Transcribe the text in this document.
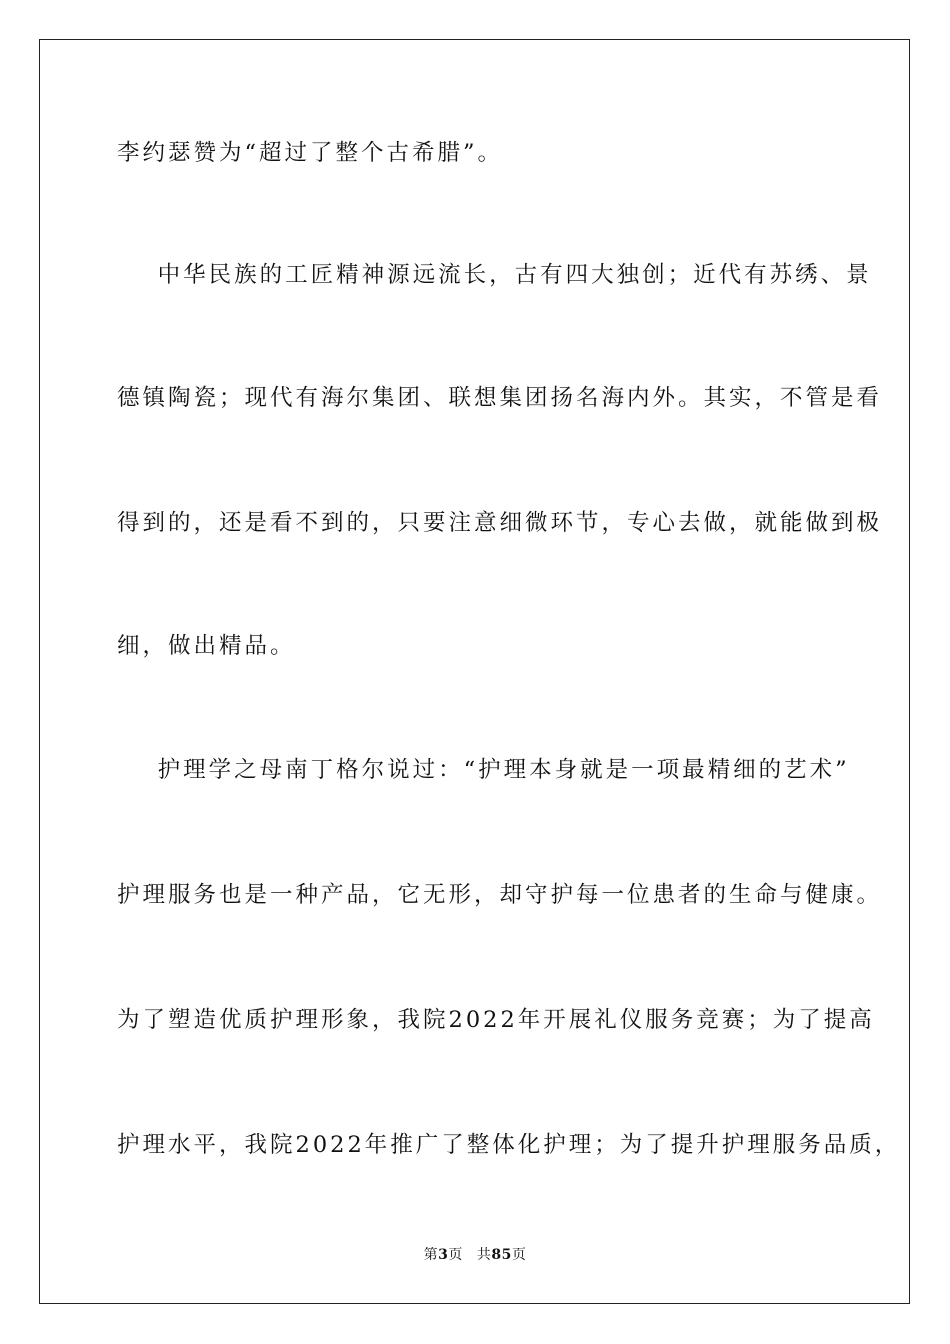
李约瑟赞为“超过了整个古希腊”。
中华民族的工匠精神源远流长，古有四大独创；近代有苏绣、景
德镇陶瓷；现代有海尔集团、联想集团扬名海内外。其实，不管是看
得到的，还是看不到的，只要注意细微环节，专心去做，就能做到极
细，做出精品。
护理学之母南丁格尔说过：“护理本身就是一项最精细的艺术”
护理服务也是一种产品，它无形，却守护每一位患者的生命与健康。
为了塑造优质护理形象，我院2022年开展礼仪服务竞赛；为了提高
护理水平，我院2022年推广了整体化护理；为了提升护理服务品质，
第3页 共85页
